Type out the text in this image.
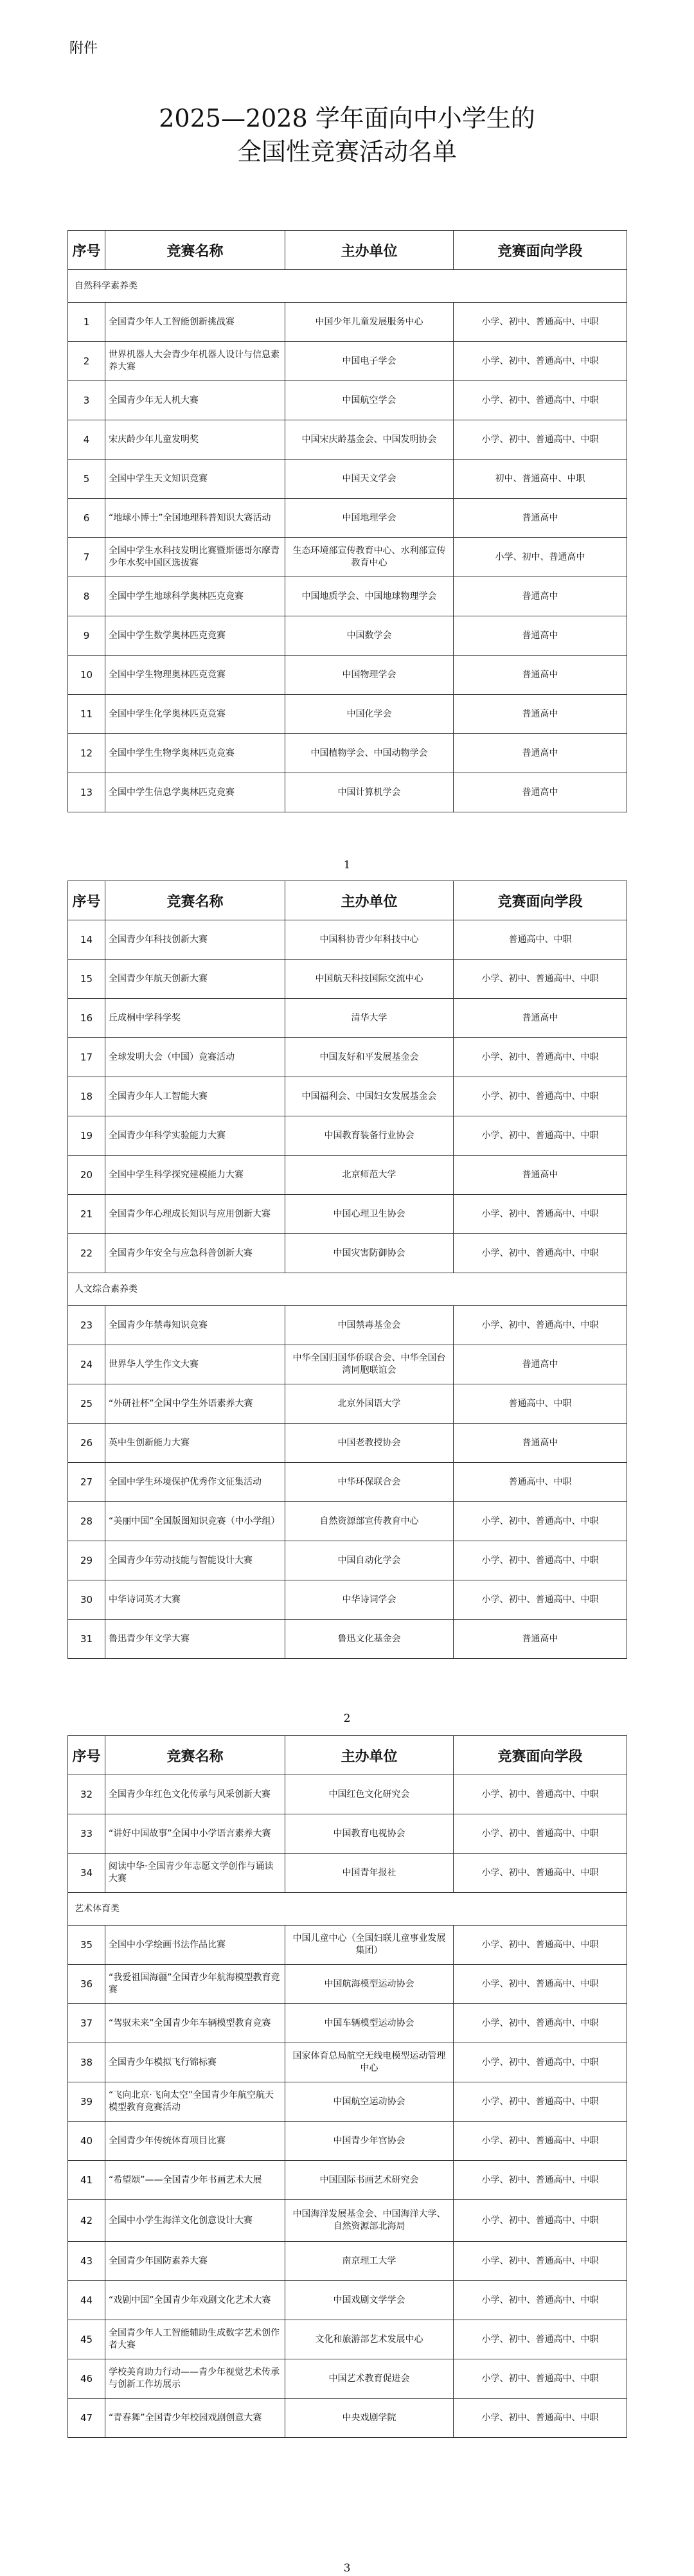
附件
2025—2028 学年面向中小学生的
全国性竞赛活动名单
序号	竞赛名称	主办单位	竞赛面向学段
自然科学素养类			
1	全国青少年人工智能创新挑战赛	中国少年儿童发展服务中心	小学、初中、普通高中、中职
2	世界机器人大会青少年机器人设计与信息素养大赛	中国电子学会	小学、初中、普通高中、中职
3	全国青少年无人机大赛	中国航空学会	小学、初中、普通高中、中职
4	宋庆龄少年儿童发明奖	中国宋庆龄基金会、中国发明协会	小学、初中、普通高中、中职
5	全国中学生天文知识竞赛	中国天文学会	初中、普通高中、中职
6	“地球小博士”全国地理科普知识大赛活动	中国地理学会	普通高中
7	全国中学生水科技发明比赛暨斯德哥尔摩青少年水奖中国区选拔赛	生态环境部宣传教育中心、水利部宣传教育中心	小学、初中、普通高中
8	全国中学生地球科学奥林匹克竞赛	中国地质学会、中国地球物理学会	普通高中
9	全国中学生数学奥林匹克竞赛	中国数学会	普通高中
10	全国中学生物理奥林匹克竞赛	中国物理学会	普通高中
11	全国中学生化学奥林匹克竞赛	中国化学会	普通高中
12	全国中学生生物学奥林匹克竞赛	中国植物学会、中国动物学会	普通高中
13	全国中学生信息学奥林匹克竞赛	中国计算机学会	普通高中
1
序号	竞赛名称	主办单位	竞赛面向学段
14	全国青少年科技创新大赛	中国科协青少年科技中心	普通高中、中职
15	全国青少年航天创新大赛	中国航天科技国际交流中心	小学、初中、普通高中、中职
16	丘成桐中学科学奖	清华大学	普通高中
17	全球发明大会（中国）竞赛活动	中国友好和平发展基金会	小学、初中、普通高中、中职
18	全国青少年人工智能大赛	中国福利会、中国妇女发展基金会	小学、初中、普通高中、中职
19	全国青少年科学实验能力大赛	中国教育装备行业协会	小学、初中、普通高中、中职
20	全国中学生科学探究建模能力大赛	北京师范大学	普通高中
21	全国青少年心理成长知识与应用创新大赛	中国心理卫生协会	小学、初中、普通高中、中职
22	全国青少年安全与应急科普创新大赛	中国灾害防御协会	小学、初中、普通高中、中职
人文综合素养类			
23	全国青少年禁毒知识竞赛	中国禁毒基金会	小学、初中、普通高中、中职
24	世界华人学生作文大赛	中华全国归国华侨联合会、中华全国台湾同胞联谊会	普通高中
25	“外研社杯”全国中学生外语素养大赛	北京外国语大学	普通高中、中职
26	英中生创新能力大赛	中国老教授协会	普通高中
27	全国中学生环境保护优秀作文征集活动	中华环保联合会	普通高中、中职
28	“美丽中国”全国版图知识竞赛（中小学组）	自然资源部宣传教育中心	小学、初中、普通高中、中职
29	全国青少年劳动技能与智能设计大赛	中国自动化学会	小学、初中、普通高中、中职
30	中华诗词英才大赛	中华诗词学会	小学、初中、普通高中、中职
31	鲁迅青少年文学大赛	鲁迅文化基金会	普通高中
2
序号	竞赛名称	主办单位	竞赛面向学段
32	全国青少年红色文化传承与风采创新大赛	中国红色文化研究会	小学、初中、普通高中、中职
33	“讲好中国故事”全国中小学语言素养大赛	中国教育电视协会	小学、初中、普通高中、中职
34	阅读中华·全国青少年志愿文学创作与诵读大赛	中国青年报社	小学、初中、普通高中、中职
艺术体育类			
35	全国中小学绘画书法作品比赛	中国儿童中心（全国妇联儿童事业发展集团）	小学、初中、普通高中、中职
36	“我爱祖国海疆”全国青少年航海模型教育竞赛	中国航海模型运动协会	小学、初中、普通高中、中职
37	“驾驭未来”全国青少年车辆模型教育竞赛	中国车辆模型运动协会	小学、初中、普通高中、中职
38	全国青少年模拟飞行锦标赛	国家体育总局航空无线电模型运动管理中心	小学、初中、普通高中、中职
39	“飞向北京·飞向太空”全国青少年航空航天模型教育竞赛活动	中国航空运动协会	小学、初中、普通高中、中职
40	全国青少年传统体育项目比赛	中国青少年宫协会	小学、初中、普通高中、中职
41	“希望颂”——全国青少年书画艺术大展	中国国际书画艺术研究会	小学、初中、普通高中、中职
42	全国中小学生海洋文化创意设计大赛	中国海洋发展基金会、中国海洋大学、自然资源部北海局	小学、初中、普通高中、中职
43	全国青少年国防素养大赛	南京理工大学	小学、初中、普通高中、中职
44	“戏剧中国”全国青少年戏剧文化艺术大赛	中国戏剧文学学会	小学、初中、普通高中、中职
45	全国青少年人工智能辅助生成数字艺术创作者大赛	文化和旅游部艺术发展中心	小学、初中、普通高中、中职
46	学校美育助力行动——青少年视觉艺术传承与创新工作坊展示	中国艺术教育促进会	小学、初中、普通高中、中职
47	“青春舞”全国青少年校园戏剧创意大赛	中央戏剧学院	小学、初中、普通高中、中职
3
